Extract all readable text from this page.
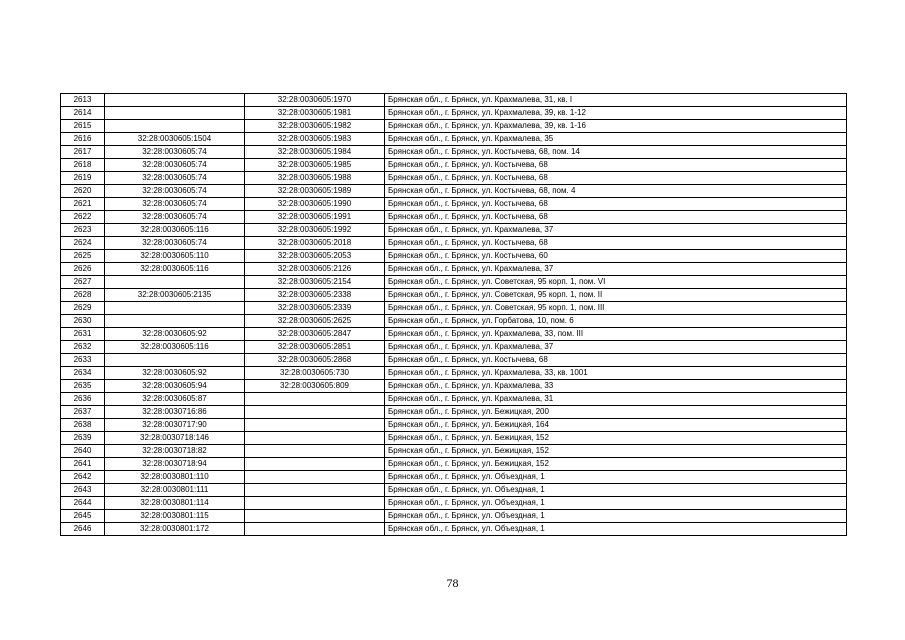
2613		32:28:0030605:1970	Брянская обл., г. Брянск, ул. Крахмалева, 31, кв. I
2614		32:28:0030605:1981	Брянская обл., г. Брянск, ул. Крахмалева, 39, кв. 1-12
2615		32:28:0030605:1982	Брянская обл., г. Брянск, ул. Крахмалева, 39, кв. 1-16
2616	32:28:0030605:1504	32:28:0030605:1983	Брянская обл., г. Брянск, ул. Крахмалева, 35
2617	32:28:0030605:74	32:28:0030605:1984	Брянская обл., г. Брянск, ул. Костычева, 68, пом. 14
2618	32:28:0030605:74	32:28:0030605:1985	Брянская обл., г. Брянск, ул. Костычева, 68
2619	32:28:0030605:74	32:28:0030605:1988	Брянская обл., г. Брянск, ул. Костычева, 68
2620	32:28:0030605:74	32:28:0030605:1989	Брянская обл., г. Брянск, ул. Костычева, 68, пом. 4
2621	32:28:0030605:74	32:28:0030605:1990	Брянская обл., г. Брянск, ул. Костычева, 68
2622	32:28:0030605:74	32:28:0030605:1991	Брянская обл., г. Брянск, ул. Костычева, 68
2623	32:28:0030605:116	32:28:0030605:1992	Брянская обл., г. Брянск, ул. Крахмалева, 37
2624	32:28:0030605:74	32:28:0030605:2018	Брянская обл., г. Брянск, ул. Костычева, 68
2625	32:28:0030605:110	32:28:0030605:2053	Брянская обл., г. Брянск, ул. Костычева, 60
2626	32:28:0030605:116	32:28:0030605:2126	Брянская обл., г. Брянск, ул. Крахмалева, 37
2627		32:28:0030605:2154	Брянская обл., г. Брянск, ул. Советская, 95 корп. 1, пом. VI
2628	32:28:0030605:2135	32:28:0030605:2338	Брянская обл., г. Брянск, ул. Советская, 95 корп. 1, пом. II
2629		32:28:0030605:2339	Брянская обл., г. Брянск, ул. Советская, 95 корп. 1, пом. III
2630		32:28:0030605:2625	Брянская обл., г. Брянск, ул. Горбатова, 10, пом. 6
2631	32:28:0030605:92	32:28:0030605:2847	Брянская обл., г. Брянск, ул. Крахмалева, 33, пом. III
2632	32:28:0030605:116	32:28:0030605:2851	Брянская обл., г. Брянск, ул. Крахмалева, 37
2633		32:28:0030605:2868	Брянская обл., г. Брянск, ул. Костычева, 68
2634	32:28:0030605:92	32:28:0030605:730	Брянская обл., г. Брянск, ул. Крахмалева, 33, кв. 1001
2635	32:28:0030605:94	32:28:0030605:809	Брянская обл., г. Брянск, ул. Крахмалева, 33
2636	32:28:0030605:87		Брянская обл., г. Брянск, ул. Крахмалева, 31
2637	32:28:0030716:86		Брянская обл., г. Брянск, ул. Бежицкая, 200
2638	32:28:0030717:90		Брянская обл., г. Брянск, ул. Бежицкая, 164
2639	32:28:0030718:146		Брянская обл., г. Брянск, ул. Бежицкая, 152
2640	32:28:0030718:82		Брянская обл., г. Брянск, ул. Бежицкая, 152
2641	32:28:0030718:94		Брянская обл., г. Брянск, ул. Бежицкая, 152
2642	32:28:0030801:110		Брянская обл., г. Брянск, ул. Объездная, 1
2643	32:28:0030801:111		Брянская обл., г. Брянск, ул. Объездная, 1
2644	32:28:0030801:114		Брянская обл., г. Брянск, ул. Объездная, 1
2645	32:28:0030801:115		Брянская обл., г. Брянск, ул. Объездная, 1
2646	32:28:0030801:172		Брянская обл., г. Брянск, ул. Объездная, 1
78
